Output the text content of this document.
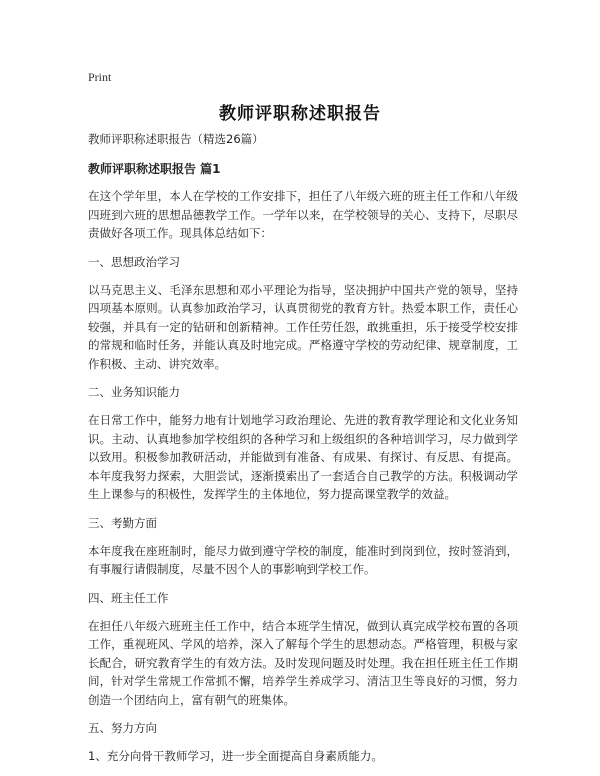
Print
教师评职称述职报告
教师评职称述职报告（精选26篇）
教师评职称述职报告 篇1
在这个学年里，本人在学校的工作安排下，担任了八年级六班的班主任工作和八年级四班到六班的思想品德教学工作。一学年以来，在学校领导的关心、支持下，尽职尽责做好各项工作。现具体总结如下：
一、思想政治学习
以马克思主义、毛泽东思想和邓小平理论为指导，坚决拥护中国共产党的领导，坚持四项基本原则。认真参加政治学习，认真贯彻党的教育方针。热爱本职工作，责任心较强，并具有一定的钻研和创新精神。工作任劳任怨，敢挑重担，乐于接受学校安排的常规和临时任务，并能认真及时地完成。严格遵守学校的劳动纪律、规章制度，工作积极、主动、讲究效率。
二、业务知识能力
在日常工作中，能努力地有计划地学习政治理论、先进的教育教学理论和文化业务知识。主动、认真地参加学校组织的各种学习和上级组织的各种培训学习，尽力做到学以致用。积极参加教研活动，并能做到有准备、有成果、有探讨、有反思、有提高。本年度我努力探索，大胆尝试，逐渐摸索出了一套适合自己教学的方法。积极调动学生上课参与的积极性，发挥学生的主体地位，努力提高课堂教学的效益。
三、考勤方面
本年度我在座班制时，能尽力做到遵守学校的制度，能准时到岗到位，按时签消到，有事履行请假制度，尽量不因个人的事影响到学校工作。
四、班主任工作
在担任八年级六班班主任工作中，结合本班学生情况，做到认真完成学校布置的各项工作，重视班风、学风的培养，深入了解每个学生的思想动态。严格管理，积极与家长配合，研究教育学生的有效方法。及时发现问题及时处理。我在担任班主任工作期间，针对学生常规工作常抓不懈，培养学生养成学习、清洁卫生等良好的习惯，努力创造一个团结向上，富有朝气的班集体。
五、努力方向
1、充分向骨干教师学习，进一步全面提高自身素质能力。
